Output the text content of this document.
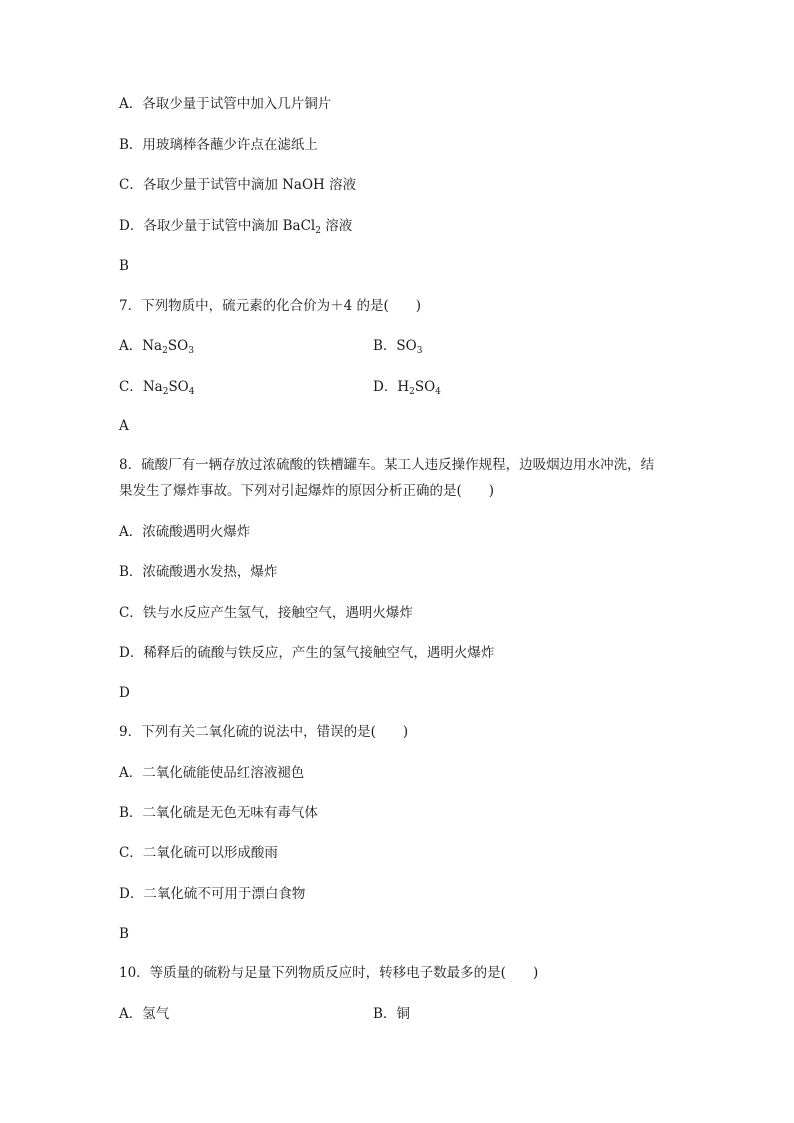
A．各取少量于试管中加入几片铜片
B．用玻璃棒各蘸少许点在滤纸上
C．各取少量于试管中滴加 NaOH 溶液
D．各取少量于试管中滴加 BaCl$_2$ 溶液
B
7．下列物质中，硫元素的化合价为＋4 的是(　　)
A．$Na_2SO_3$	B．$SO_3$
C．$Na_2SO_4$	D．$H_2SO_4$
A
8．硫酸厂有一辆存放过浓硫酸的铁槽罐车。某工人违反操作规程，边吸烟边用水冲洗，结
果发生了爆炸事故。下列对引起爆炸的原因分析正确的是(　　)
A．浓硫酸遇明火爆炸
B．浓硫酸遇水发热，爆炸
C．铁与水反应产生氢气，接触空气，遇明火爆炸
D．稀释后的硫酸与铁反应，产生的氢气接触空气，遇明火爆炸
D
9．下列有关二氧化硫的说法中，错误的是(　　)
A．二氧化硫能使品红溶液褪色
B．二氧化硫是无色无味有毒气体
C．二氧化硫可以形成酸雨
D．二氧化硫不可用于漂白食物
B
10．等质量的硫粉与足量下列物质反应时，转移电子数最多的是(　　)
A．氢气	B．铜
